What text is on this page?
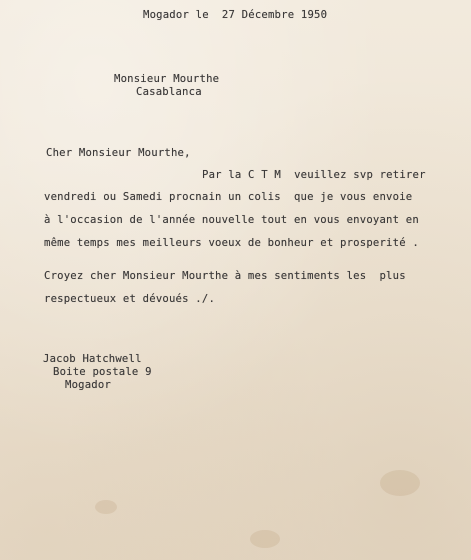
Mogador le  27 Décembre 1950
Monsieur Mourthe
Casablanca
Cher Monsieur Mourthe,
Par la C T M  veuillez svp retirer
vendredi ou Samedi procnain un colis  que je vous envoie
à l'occasion de l'année nouvelle tout en vous envoyant en
même temps mes meilleurs voeux de bonheur et prosperité .
Croyez cher Monsieur Mourthe à mes sentiments les  plus
respectueux et dévoués ./.
Jacob Hatchwell
Boite postale 9
Mogador
